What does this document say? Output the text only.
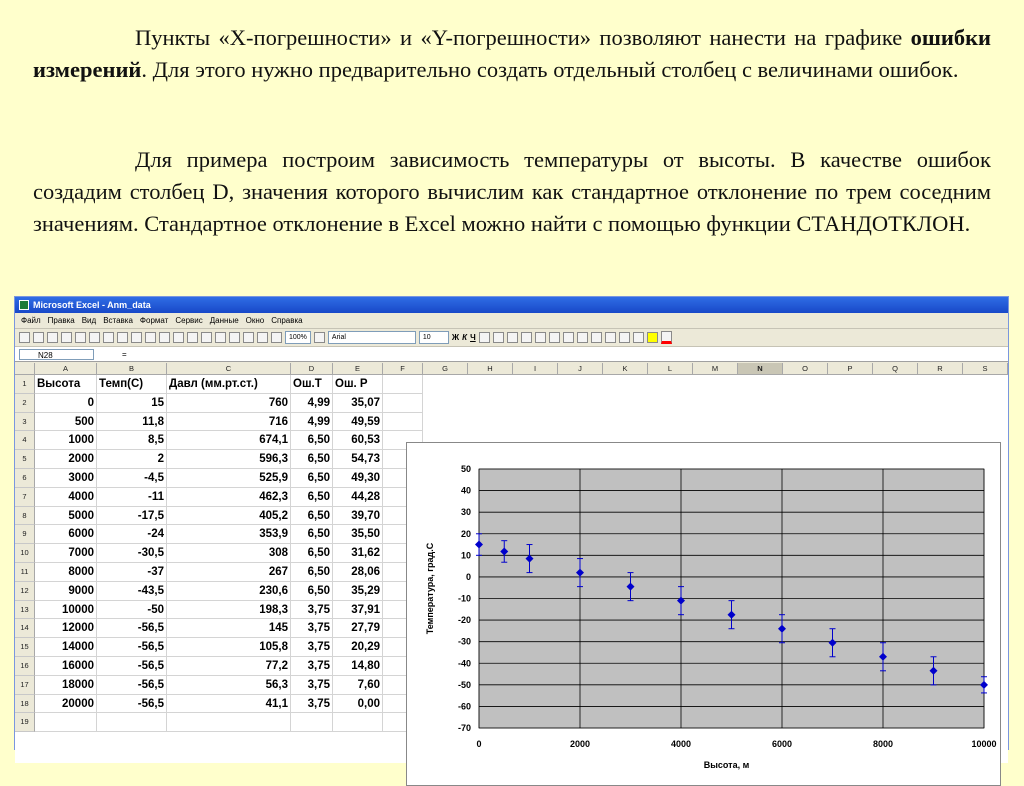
Пункты «X-погрешности» и «Y-погрешности» позволяют нанести на графике ошибки измерений. Для этого нужно предварительно создать отдельный столбец с величинами ошибок.

Для примера построим зависимость температуры от высоты. В качестве ошибок создадим столбец D, значения которого вычислим как стандартное отклонение по трем соседним значениям. Стандартное отклонение в Excel можно найти с помощью функции СТАНДОТКЛОН.

Microsoft Excel - Anm_data
Файл Правка Вид Вставка Формат Сервис Данные Окно Справка
100%	Arial	10	Ж К Ч
N28	=
A	B	C	D	E	F	G	H	I	J	K	L	M	N	O	P	Q	R	S
1 Высота	Темп(С)	Давл (мм.рт.ст.)	Ош.T	Ош. P
2	0	15	760	4,99	35,07
3	500	11,8	716	4,99	49,59
4	1000	8,5	674,1	6,50	60,53
5	2000	2	596,3	6,50	54,73
6	3000	-4,5	525,9	6,50	49,30
7	4000	-11	462,3	6,50	44,28
8	5000	-17,5	405,2	6,50	39,70
9	6000	-24	353,9	6,50	35,50
10	7000	-30,5	308	6,50	31,62
11	8000	-37	267	6,50	28,06
12	9000	-43,5	230,6	6,50	35,29
13	10000	-50	198,3	3,75	37,91
14	12000	-56,5	145	3,75	27,79
15	14000	-56,5	105,8	3,75	20,29
16	16000	-56,5	77,2	3,75	14,80
17	18000	-56,5	56,3	3,75	7,60
18	20000	-56,5	41,1	3,75	0,00
19
50
40
30
20
10
0
-10
-20
-30
-40
-50
-60
-70
0	2000	4000	6000	8000	10000
Высота, м
Температура, град.С
